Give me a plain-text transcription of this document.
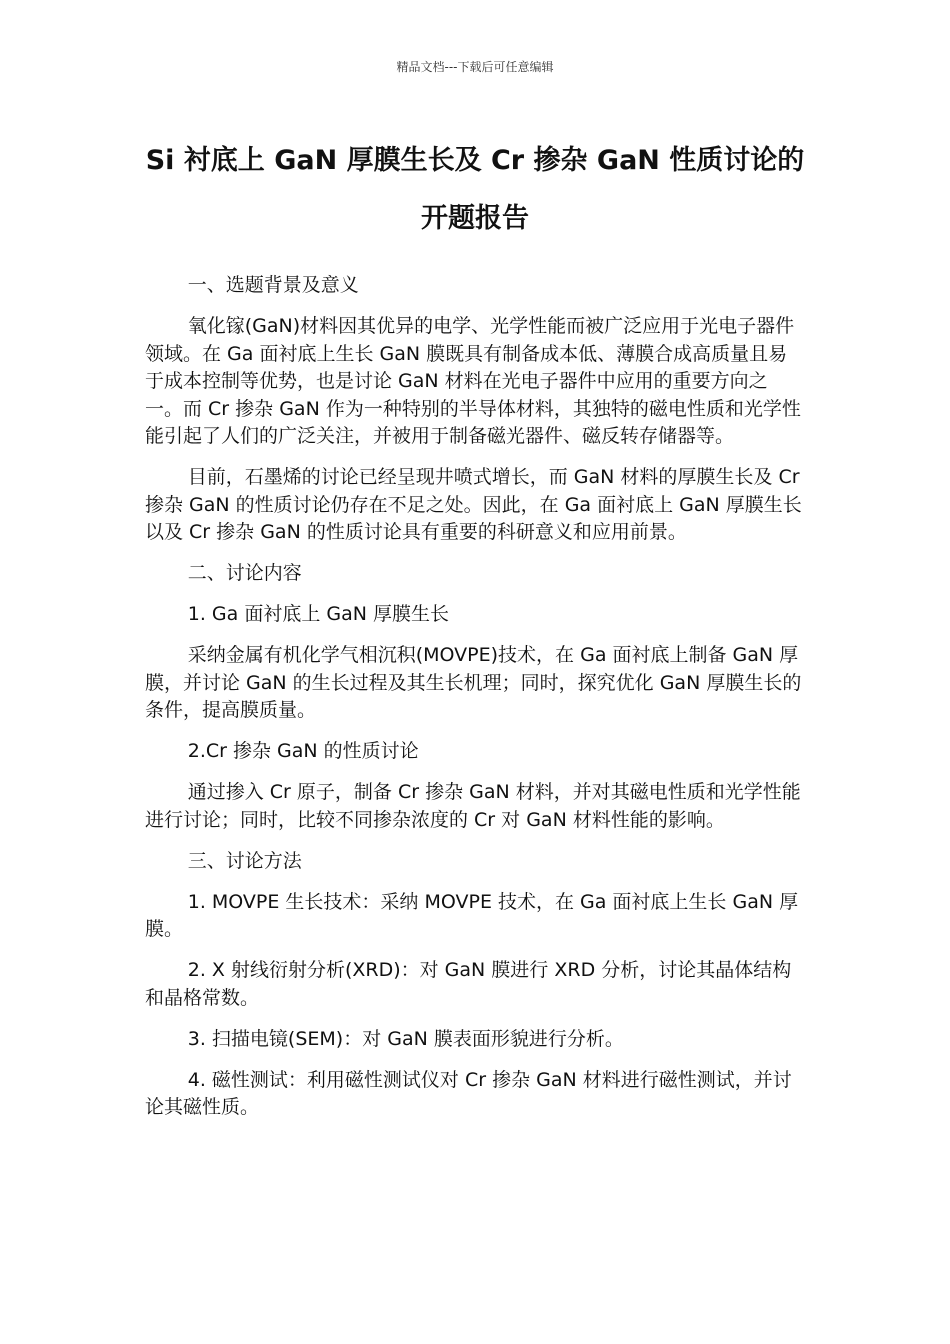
精品文档---下载后可任意编辑
Si 衬底上 GaN 厚膜生长及 Cr 掺杂 GaN 性质讨论的
开题报告

一、选题背景及意义

氧化镓(GaN)材料因其优异的电学、光学性能而被广泛应用于光电子器件领域。在 Ga 面衬底上生长 GaN 膜既具有制备成本低、薄膜合成高质量且易于成本控制等优势，也是讨论 GaN 材料在光电子器件中应用的重要方向之一。而 Cr 掺杂 GaN 作为一种特别的半导体材料，其独特的磁电性质和光学性能引起了人们的广泛关注，并被用于制备磁光器件、磁反转存储器等。

目前，石墨烯的讨论已经呈现井喷式增长，而 GaN 材料的厚膜生长及 Cr 掺杂 GaN 的性质讨论仍存在不足之处。因此，在 Ga 面衬底上 GaN 厚膜生长以及 Cr 掺杂 GaN 的性质讨论具有重要的科研意义和应用前景。

二、讨论内容

1. Ga 面衬底上 GaN 厚膜生长

采纳金属有机化学气相沉积(MOVPE)技术，在 Ga 面衬底上制备 GaN 厚膜，并讨论 GaN 的生长过程及其生长机理；同时，探究优化 GaN 厚膜生长的条件，提高膜质量。

2.Cr 掺杂 GaN 的性质讨论

通过掺入 Cr 原子，制备 Cr 掺杂 GaN 材料，并对其磁电性质和光学性能进行讨论；同时，比较不同掺杂浓度的 Cr 对 GaN 材料性能的影响。

三、讨论方法

1. MOVPE 生长技术：采纳 MOVPE 技术，在 Ga 面衬底上生长 GaN 厚膜。

2. X 射线衍射分析(XRD)：对 GaN 膜进行 XRD 分析，讨论其晶体结构和晶格常数。

3. 扫描电镜(SEM)：对 GaN 膜表面形貌进行分析。

4. 磁性测试：利用磁性测试仪对 Cr 掺杂 GaN 材料进行磁性测试，并讨论其磁性质。
